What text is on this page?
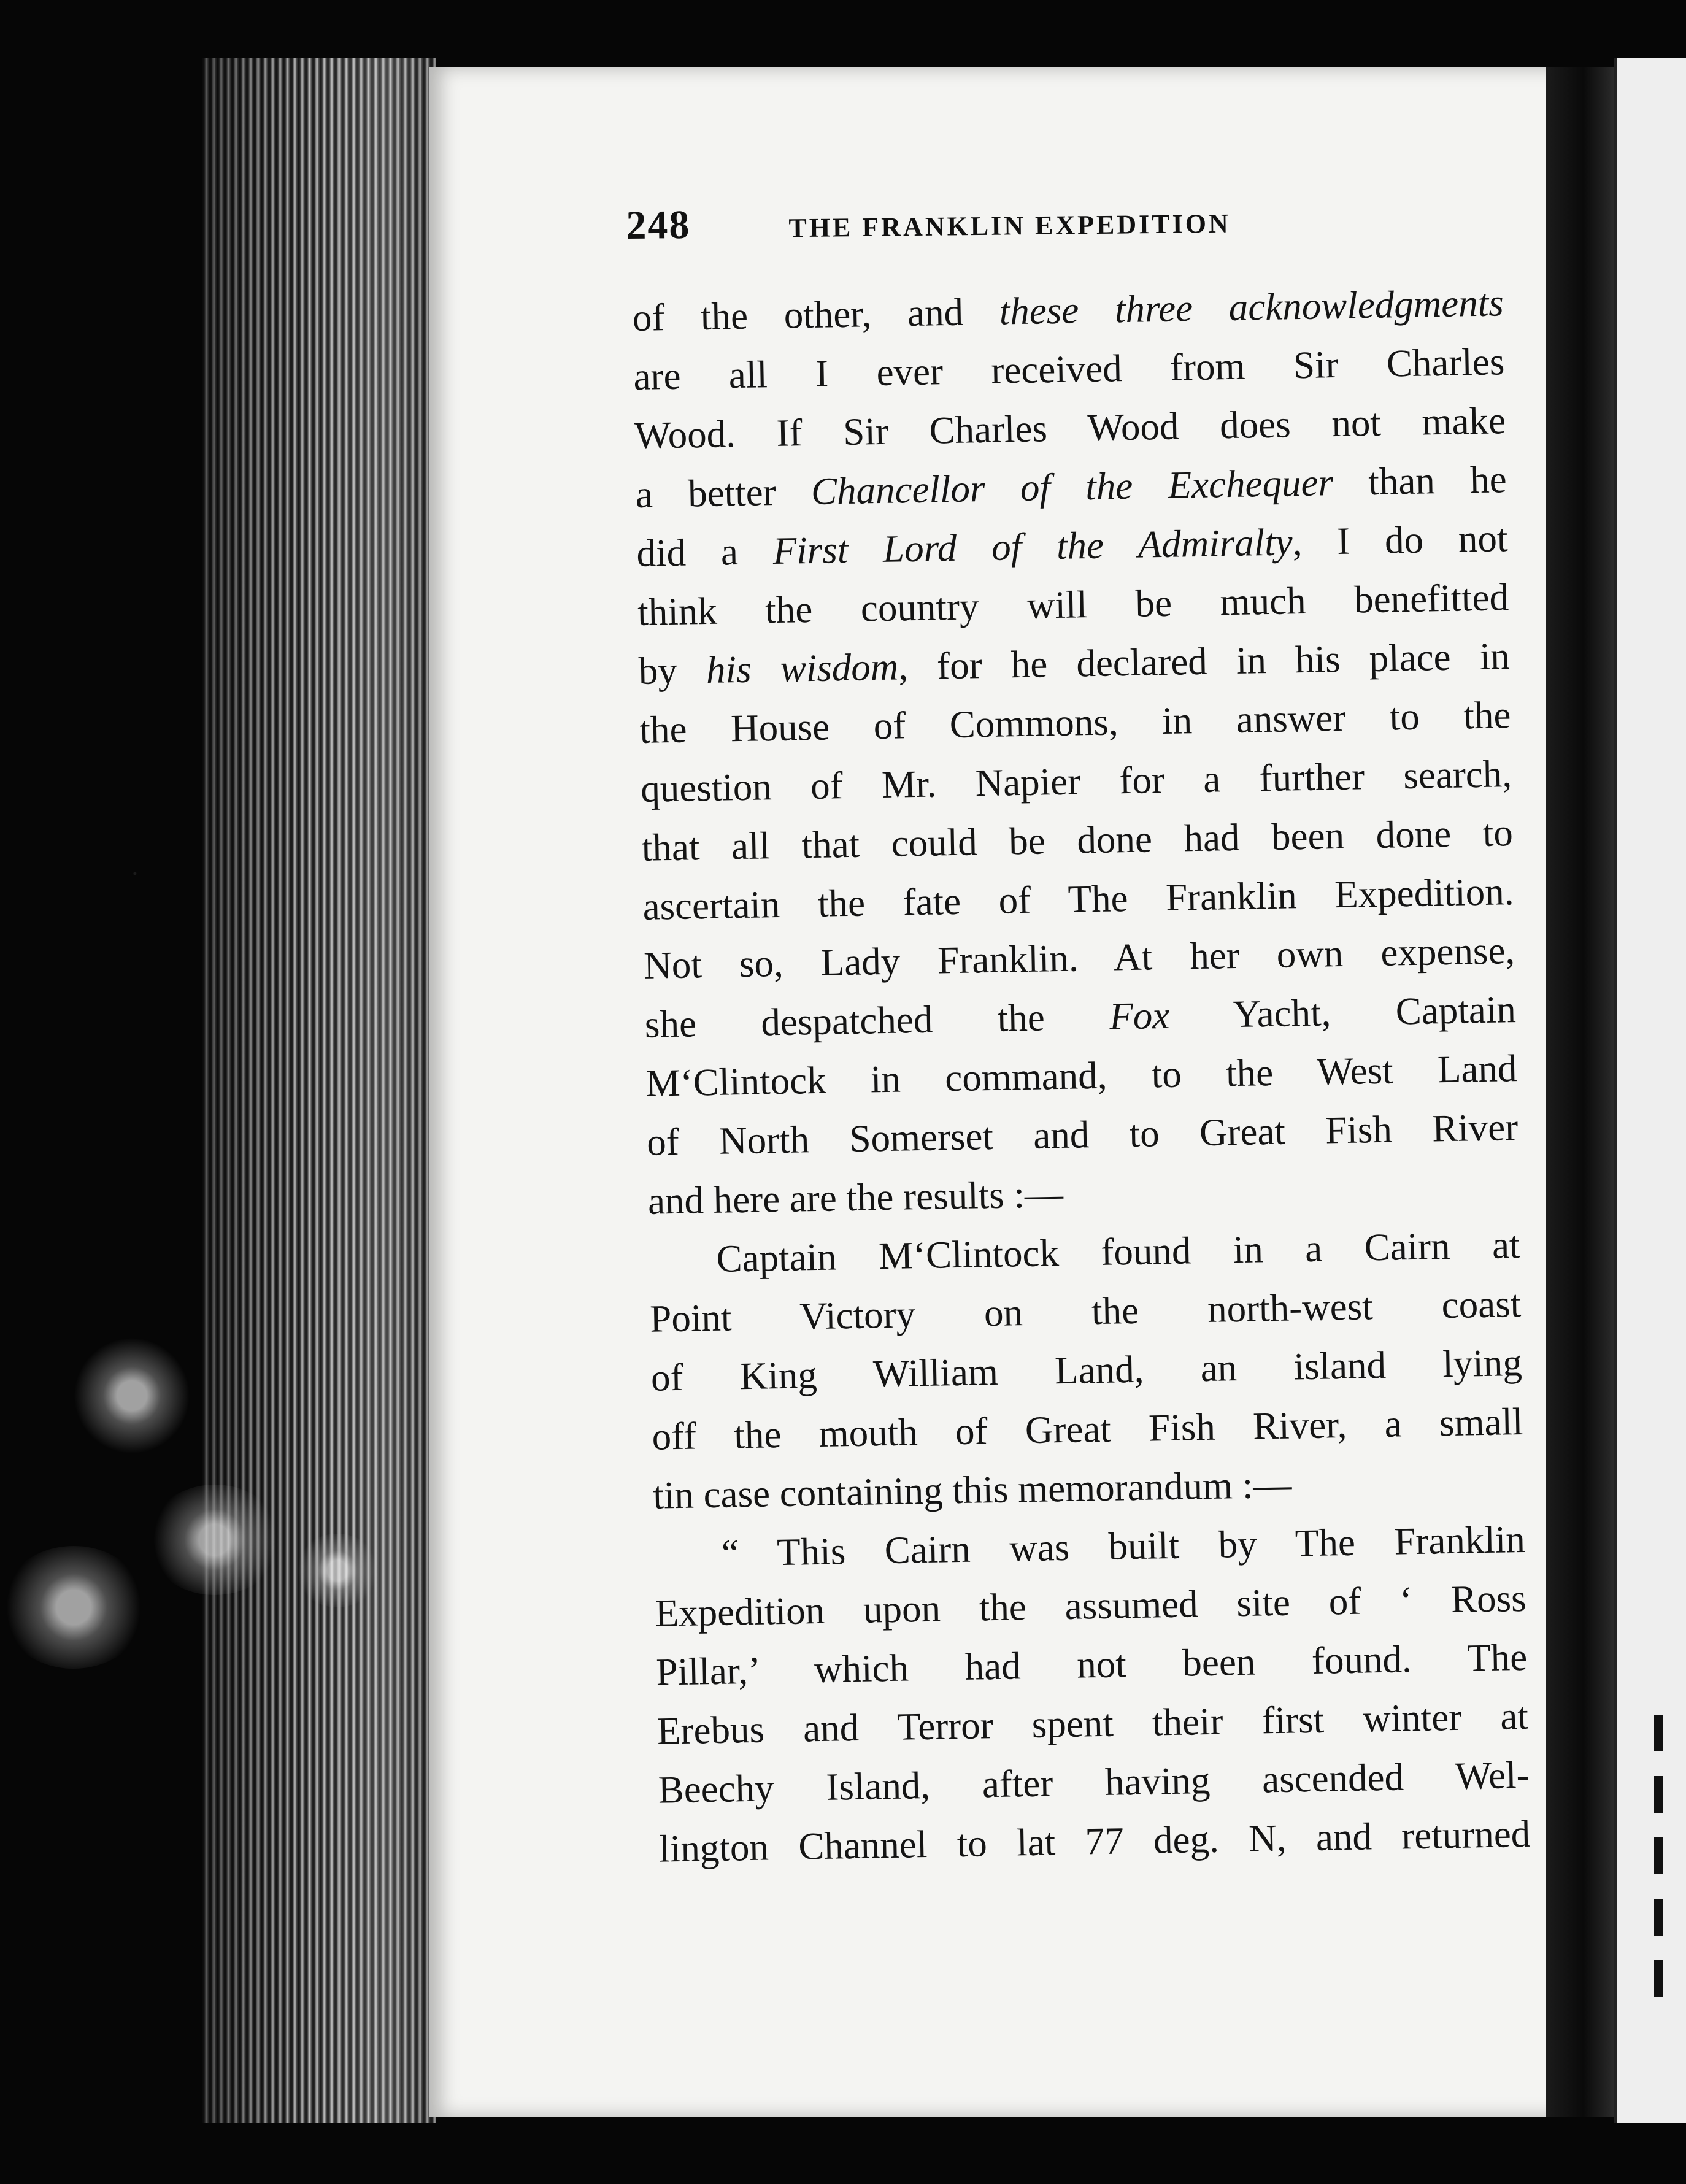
248	THE FRANKLIN EXPEDITION
of the other, and these three acknowledgments
are all I ever received from Sir Charles
Wood. If Sir Charles Wood does not make
a better Chancellor of the Exchequer than he
did a First Lord of the Admiralty, I do not
think the country will be much benefitted
by his wisdom, for he declared in his place in
the House of Commons, in answer to the
question of Mr. Napier for a further search,
that all that could be done had been done to
ascertain the fate of The Franklin Expedition.
Not so, Lady Franklin. At her own expense,
she despatched the Fox Yacht, Captain
M‘Clintock in command, to the West Land
of North Somerset and to Great Fish River
and here are the results :—
Captain M‘Clintock found in a Cairn at
Point Victory on the north-west coast
of King William Land, an island lying
off the mouth of Great Fish River, a small
tin case containing this memorandum :—
“ This Cairn was built by The Franklin
Expedition upon the assumed site of ‘ Ross
Pillar,’ which had not been found. The
Erebus and Terror spent their first winter at
Beechy Island, after having ascended Wel-
lington Channel to lat 77 deg. N, and returned
